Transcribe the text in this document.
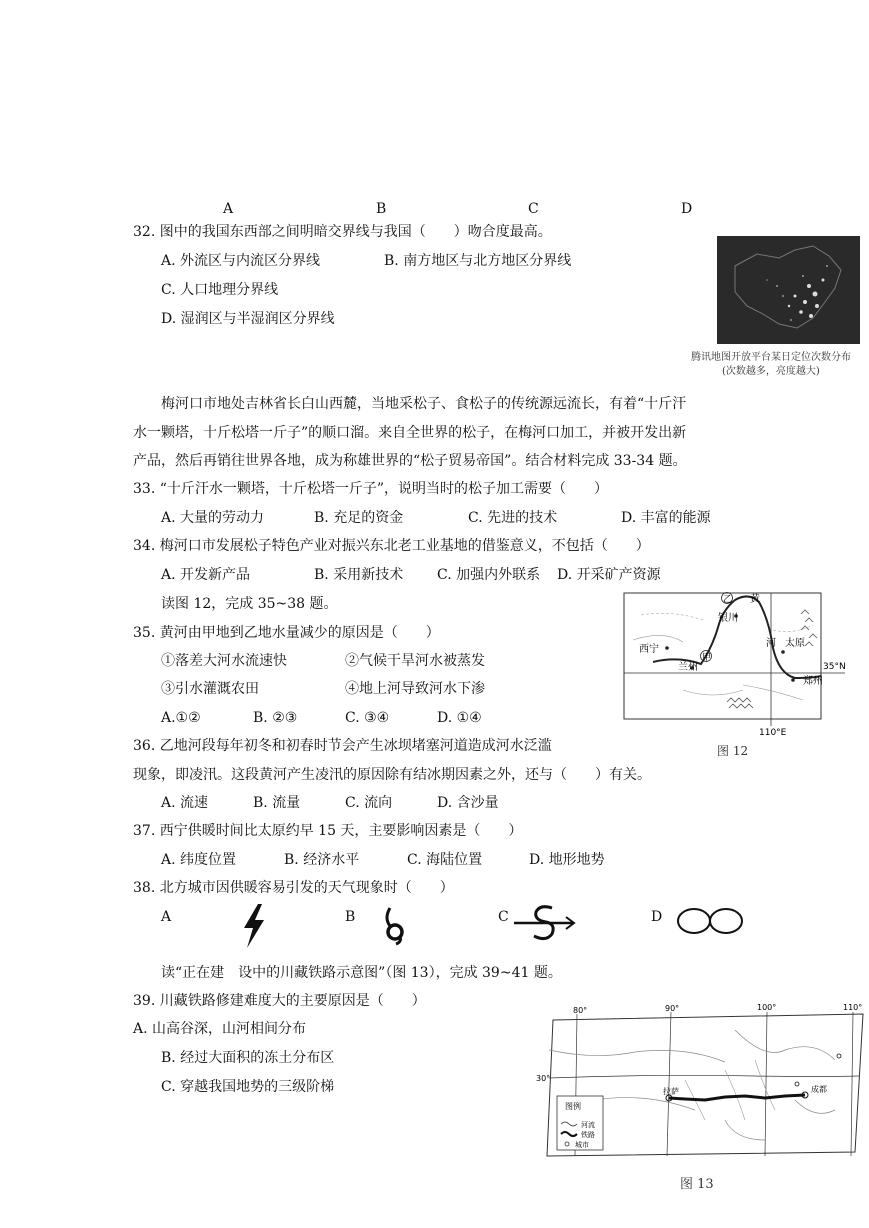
A	B	C	D
32. 图中的我国东西部之间明暗交界线与我国（　　）吻合度最高。
A. 外流区与内流区分界线	B. 南方地区与北方地区分界线
C. 人口地理分界线
D. 湿润区与半湿润区分界线
腾讯地图开放平台某日定位次数分布
(次数越多，亮度越大)
梅河口市地处吉林省长白山西麓，当地采松子、食松子的传统源远流长，有着“十斤汗
水一颗塔，十斤松塔一斤子”的顺口溜。来自全世界的松子，在梅河口加工，并被开发出新
产品，然后再销往世界各地，成为称雄世界的“松子贸易帝国”。结合材料完成 33-34 题。
33. “十斤汗水一颗塔，十斤松塔一斤子”，说明当时的松子加工需要（　　）
A. 大量的劳动力	B. 充足的资金	C. 先进的技术	D. 丰富的能源
34. 梅河口市发展松子特色产业对振兴东北老工业基地的借鉴意义，不包括（　　）
A. 开发新产品	B. 采用新技术 C. 加强内外联系 D. 开采矿产资源
读图 12，完成 35~38 题。
35. 黄河由甲地到乙地水量减少的原因是（　　）
①落差大河水流速快	②气候干旱河水被蒸发
③引水灌溉农田	④地上河导致河水下渗
A.①②	B. ②③	C. ③④	D. ①④
乙 黄
河
银川
甲
西宁
兰州
太原
郑州
35°N
110°E
图 12
36. 乙地河段每年初冬和初春时节会产生冰坝堵塞河道造成河水泛滥
现象，即凌汛。这段黄河产生凌汛的原因除有结冰期因素之外，还与（　　）有关。
A. 流速	B. 流量	C. 流向	D. 含沙量
37. 西宁供暖时间比太原约早 15 天，主要影响因素是（　　）
A. 纬度位置	B. 经济水平	C. 海陆位置	D. 地形地势
38. 北方城市因供暖容易引发的天气现象时（　　）
A	B	C	D
读“正在建　设中的川藏铁路示意图”（图 13），完成 39~41 题。
39. 川藏铁路修建难度大的主要原因是（　　）
A. 山高谷深，山河相间分布
B. 经过大面积的冻土分布区
C. 穿越我国地势的三级阶梯
图例
河流
铁路
城市
80°	90°	100°	110°
30°
拉萨	成都
图 13
